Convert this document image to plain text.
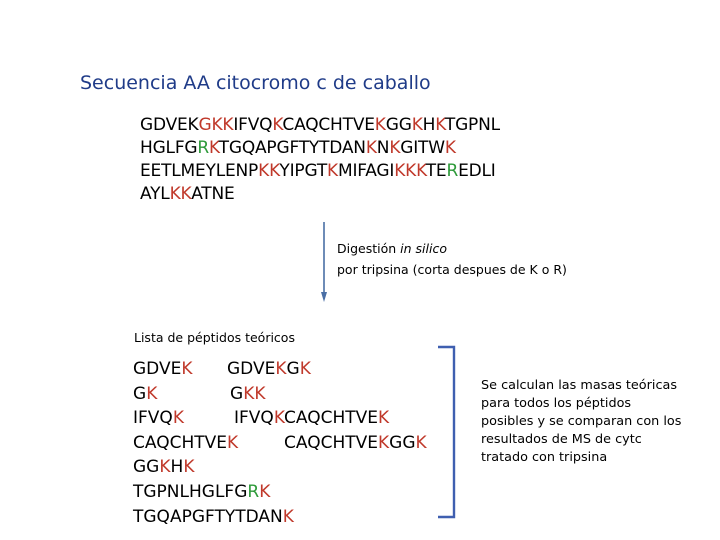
Secuencia AA citocromo c de caballo
GDVEKGKKIFVQKCAQCHTVEKGGKHKTGPNL
HGLFGRKTGQAPGFTYTDANKNKGITWK
EETLMEYLENPKKYIPGTKMIFAGIKKKTEREDLI
AYLKKATNE
Digestión in silico
por tripsina (corta despues de K o R)
Lista de péptidos teóricos
GDVEK GDVEKGK
GK	GKK
IFVQK	IFVQKCAQCHTVEK
CAQCHTVEK	CAQCHTVEKGGK
GGKHK
TGPNLHGLFGRK
TGQAPGFTYTDANK
Se calculan las masas teóricas
para todos los péptidos
posibles y se comparan con los
resultados de MS de cytc
tratado con tripsina
